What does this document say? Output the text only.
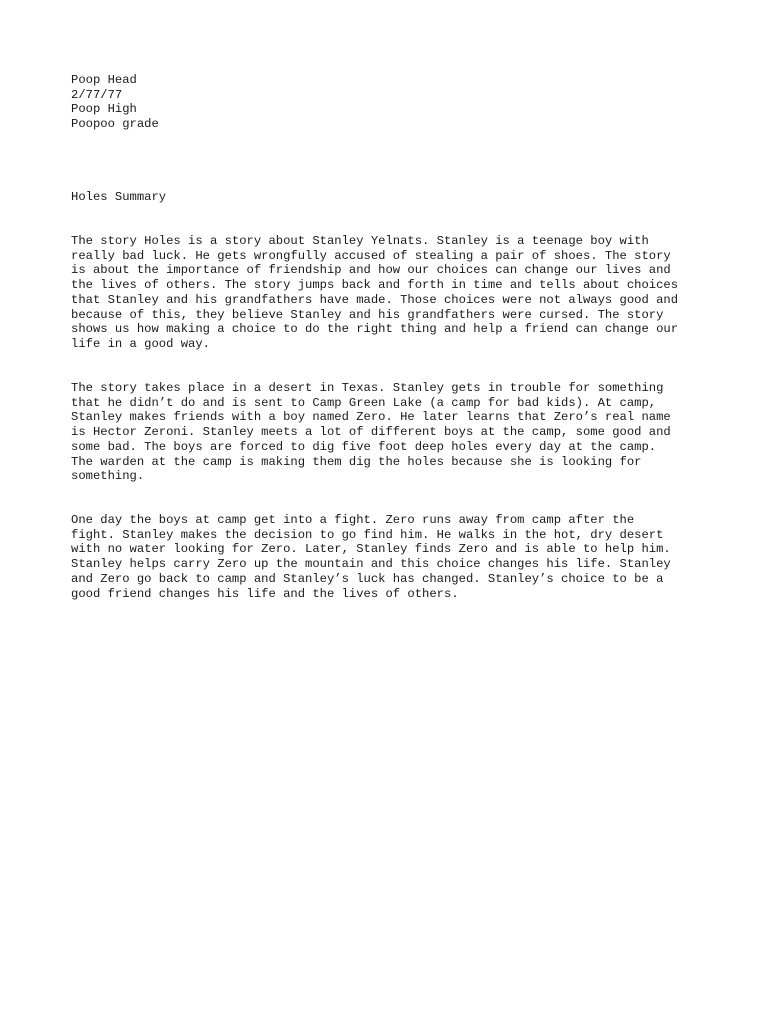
Poop Head
2/77/77
Poop High
Poopoo grade
Holes Summary
The story Holes is a story about Stanley Yelnats. Stanley is a teenage boy with
really bad luck. He gets wrongfully accused of stealing a pair of shoes. The story
is about the importance of friendship and how our choices can change our lives and
the lives of others. The story jumps back and forth in time and tells about choices
that Stanley and his grandfathers have made. Those choices were not always good and
because of this, they believe Stanley and his grandfathers were cursed. The story
shows us how making a choice to do the right thing and help a friend can change our
life in a good way.
The story takes place in a desert in Texas. Stanley gets in trouble for something
that he didn’t do and is sent to Camp Green Lake (a camp for bad kids). At camp,
Stanley makes friends with a boy named Zero. He later learns that Zero’s real name
is Hector Zeroni. Stanley meets a lot of different boys at the camp, some good and
some bad. The boys are forced to dig five foot deep holes every day at the camp.
The warden at the camp is making them dig the holes because she is looking for
something.
One day the boys at camp get into a fight. Zero runs away from camp after the
fight. Stanley makes the decision to go find him. He walks in the hot, dry desert
with no water looking for Zero. Later, Stanley finds Zero and is able to help him.
Stanley helps carry Zero up the mountain and this choice changes his life. Stanley
and Zero go back to camp and Stanley’s luck has changed. Stanley’s choice to be a
good friend changes his life and the lives of others.
